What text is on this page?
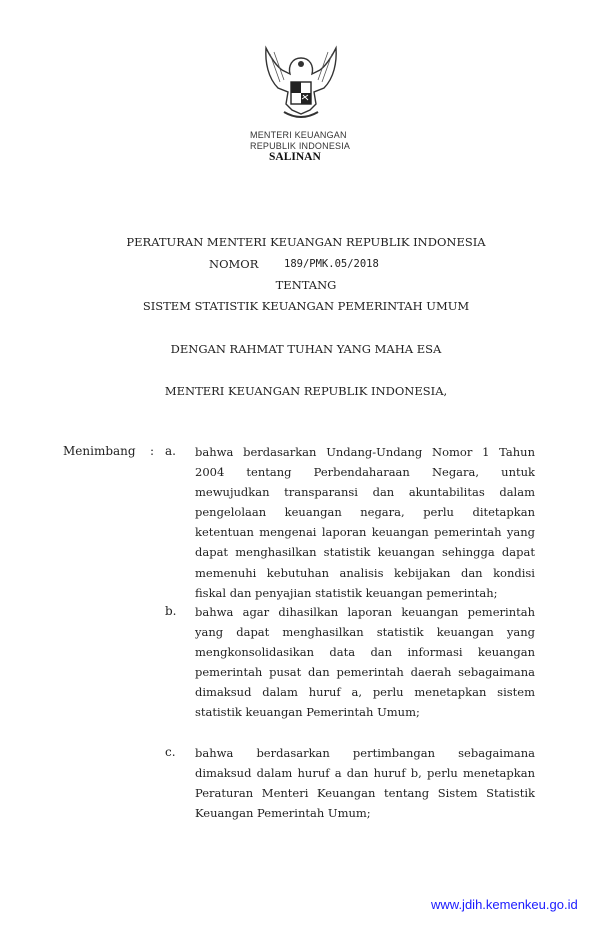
MENTERI KEUANGAN
REPUBLIK INDONESIA
SALINAN
PERATURAN MENTERI KEUANGAN REPUBLIK INDONESIA
NOMOR 189/PMK.05/2018
TENTANG
SISTEM STATISTIK KEUANGAN PEMERINTAH UMUM
DENGAN RAHMAT TUHAN YANG MAHA ESA
MENTERI KEUANGAN REPUBLIK INDONESIA,
Menimbang :
www.jdih.kemenkeu.go.id
a. bahwa berdasarkan Undang-Undang Nomor 1 Tahun
2004 tentang Perbendaharaan Negara, untuk
mewujudkan transparansi dan akuntabilitas dalam
pengelolaan keuangan negara, perlu ditetapkan
ketentuan mengenai laporan keuangan pemerintah yang
dapat menghasilkan statistik keuangan sehingga dapat
memenuhi kebutuhan analisis kebijakan dan kondisi
fiskal dan penyajian statistik keuangan pemerintah;
b. bahwa agar dihasilkan laporan keuangan pemerintah
yang dapat menghasilkan statistik keuangan yang
mengkonsolidasikan data dan informasi keuangan
pemerintah pusat dan pemerintah daerah sebagaimana
dimaksud dalam huruf a, perlu menetapkan sistem
statistik keuangan Pemerintah Umum;
c. bahwa berdasarkan pertimbangan sebagaimana
dimaksud dalam huruf a dan huruf b, perlu menetapkan
Peraturan Menteri Keuangan tentang Sistem Statistik
Keuangan Pemerintah Umum;
